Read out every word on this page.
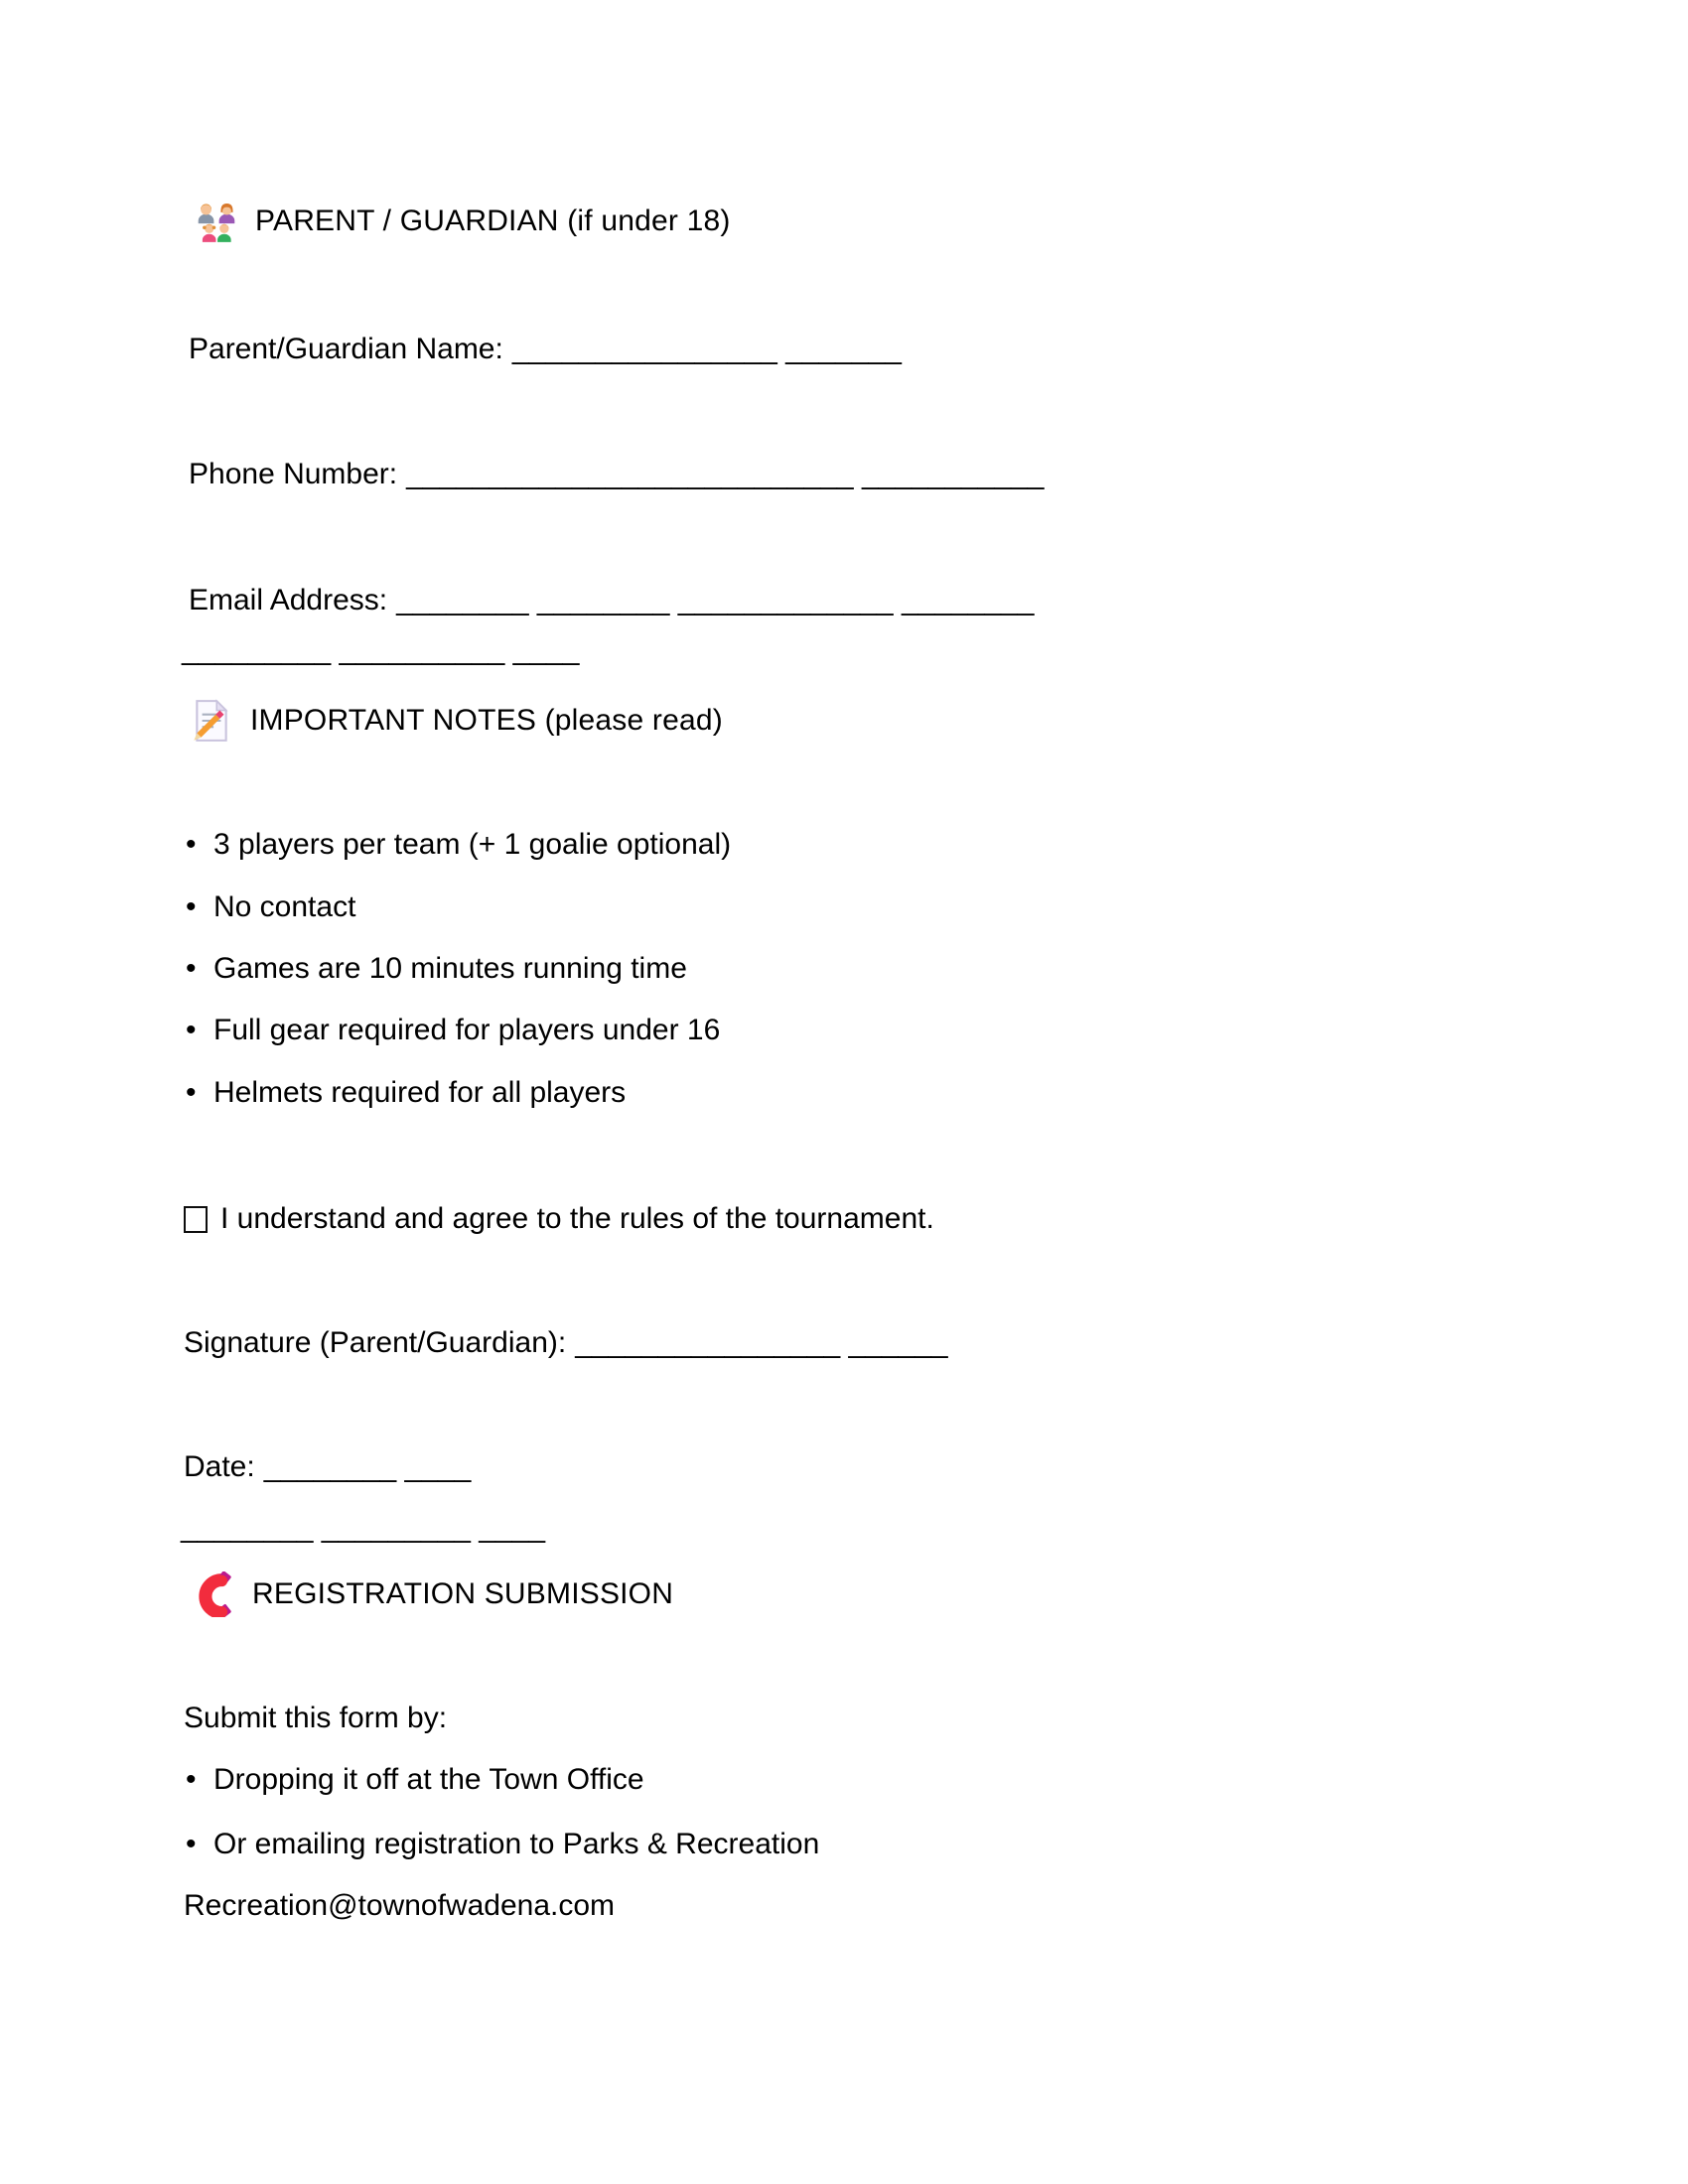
PARENT / GUARDIAN (if under 18)
Parent/Guardian Name: ________________ _______
Phone Number: ___________________________ ___________
Email Address: ________ ________ _____________ ________
_________ __________ ____
IMPORTANT NOTES (please read)
• 3 players per team (+ 1 goalie optional)
• No contact
• Games are 10 minutes running time
• Full gear required for players under 16
• Helmets required for all players
I understand and agree to the rules of the tournament.
Signature (Parent/Guardian): ________________ ______
Date: ________ ____
________ _________ ____
REGISTRATION SUBMISSION
Submit this form by:
• Dropping it off at the Town Office
• Or emailing registration to Parks & Recreation
Recreation@townofwadena.com
